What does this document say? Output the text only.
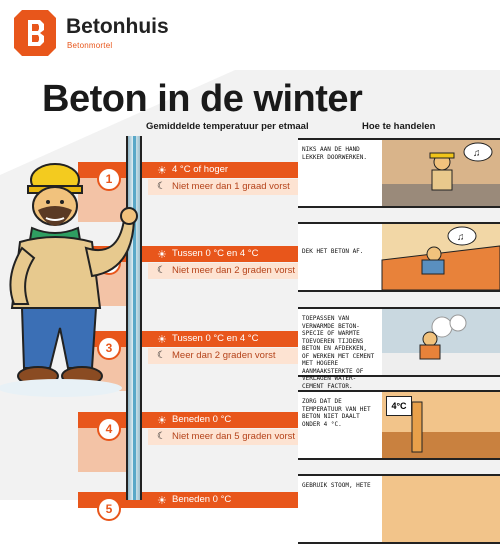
Betonhuis
Betonmortel
Beton in de winter
Gemiddelde temperatuur per etmaal	Hoe te handelen
1
☀ 4 °C of hoger
☾ Niet meer dan 1 graad vorst
☀ Tussen 0 °C en 4 °C
☾ Niet meer dan 2 graden vorst
3
☀ Tussen 0 °C en 4 °C
☾ Meer dan 2 graden vorst
4
☀ Beneden 0 °C
☾ Niet meer dan 5 graden vorst
5
☀ Beneden 0 °C
NIKS AAN DE HAND LEKKER DOORWERKEN.	♫
DEK HET BETON AF.
♫
TOEPASSEN VAN VERWARMDE BETON-SPECIE OF WARMTE TOEVOEREN TIJDENS BETON EN AFDEKKEN, OF WERKEN MET CEMENT MET HOGERE AANMAAKSTERKTE OF VERLAGEN WATER-CEMENT FACTOR.
ZORG DAT DE TEMPERATUUR VAN HET BETON NIET DAALT ONDER 4 °C.
4°C
GEBRUIK STOOM, HETE
